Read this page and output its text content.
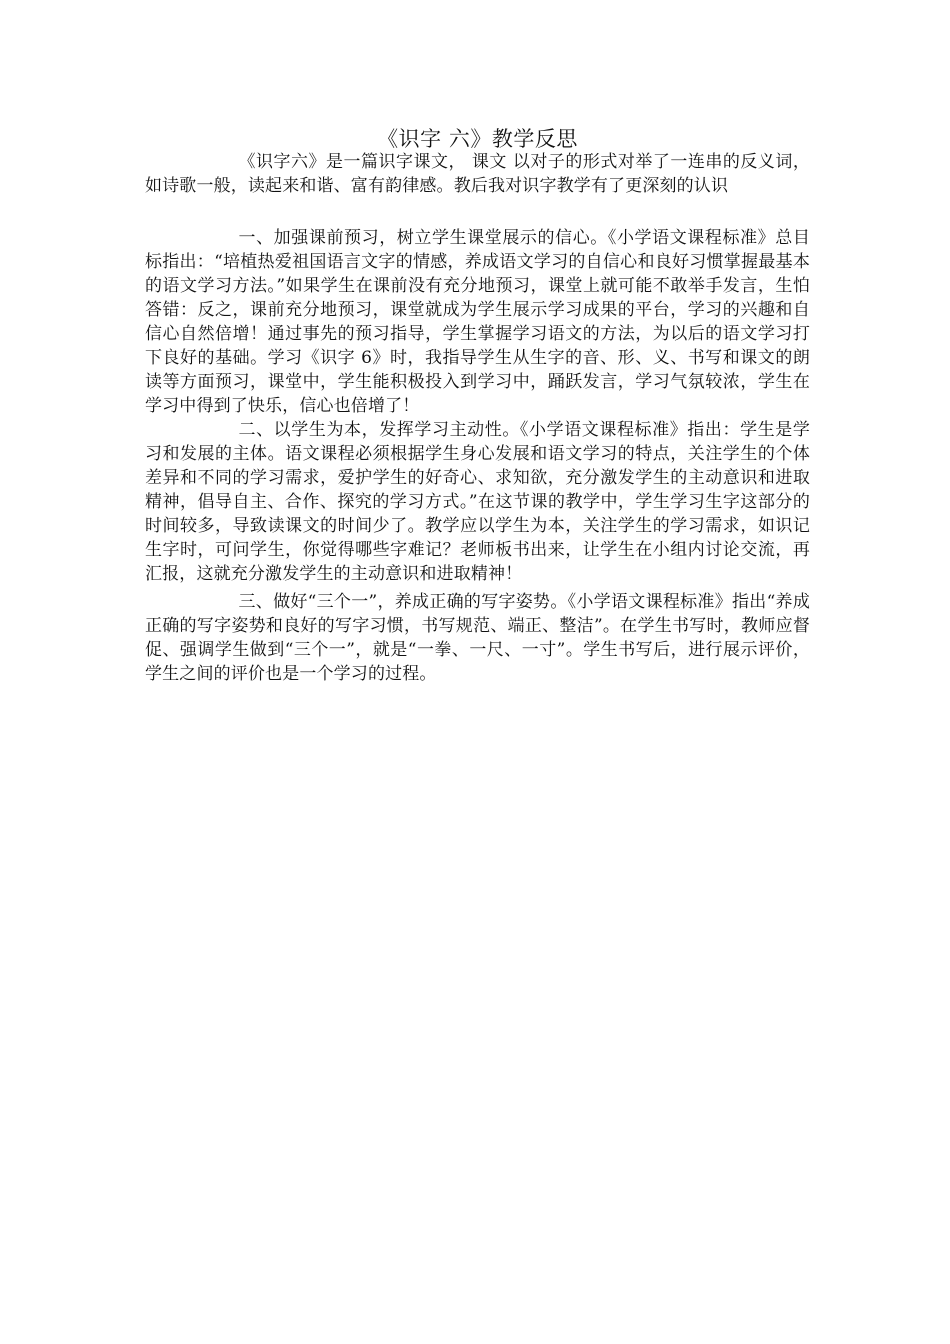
《识字 六》教学反思

《识字六》是一篇识字课文， 课文 以对子的形式对举了一连串的反义词，如诗歌一般，读起来和谐、富有韵律感。教后我对识字教学有了更深刻的认识

一、加强课前预习，树立学生课堂展示的信心。《小学语文课程标准》总目标指出：“培植热爱祖国语言文字的情感，养成语文学习的自信心和良好习惯掌握最基本的语文学习方法。”如果学生在课前没有充分地预习，课堂上就可能不敢举手发言，生怕答错：反之，课前充分地预习，课堂就成为学生展示学习成果的平台，学习的兴趣和自信心自然倍增！通过事先的预习指导，学生掌握学习语文的方法，为以后的语文学习打下良好的基础。学习《识字 6》时，我指导学生从生字的音、形、义、书写和课文的朗读等方面预习，课堂中，学生能积极投入到学习中，踊跃发言，学习气氛较浓，学生在学习中得到了快乐，信心也倍增了！

二、以学生为本，发挥学习主动性。《小学语文课程标准》指出：学生是学习和发展的主体。语文课程必须根据学生身心发展和语文学习的特点，关注学生的个体差异和不同的学习需求，爱护学生的好奇心、求知欲，充分激发学生的主动意识和进取精神，倡导自主、合作、探究的学习方式。”在这节课的教学中，学生学习生字这部分的时间较多，导致读课文的时间少了。教学应以学生为本，关注学生的学习需求，如识记生字时，可问学生，你觉得哪些字难记？老师板书出来，让学生在小组内讨论交流，再汇报，这就充分激发学生的主动意识和进取精神！

三、做好“三个一”，养成正确的写字姿势。《小学语文课程标准》指出“养成正确的写字姿势和良好的写字习惯，书写规范、端正、整洁”。在学生书写时，教师应督促、强调学生做到“三个一”，就是“一拳、一尺、一寸”。学生书写后，进行展示评价，学生之间的评价也是一个学习的过程。
